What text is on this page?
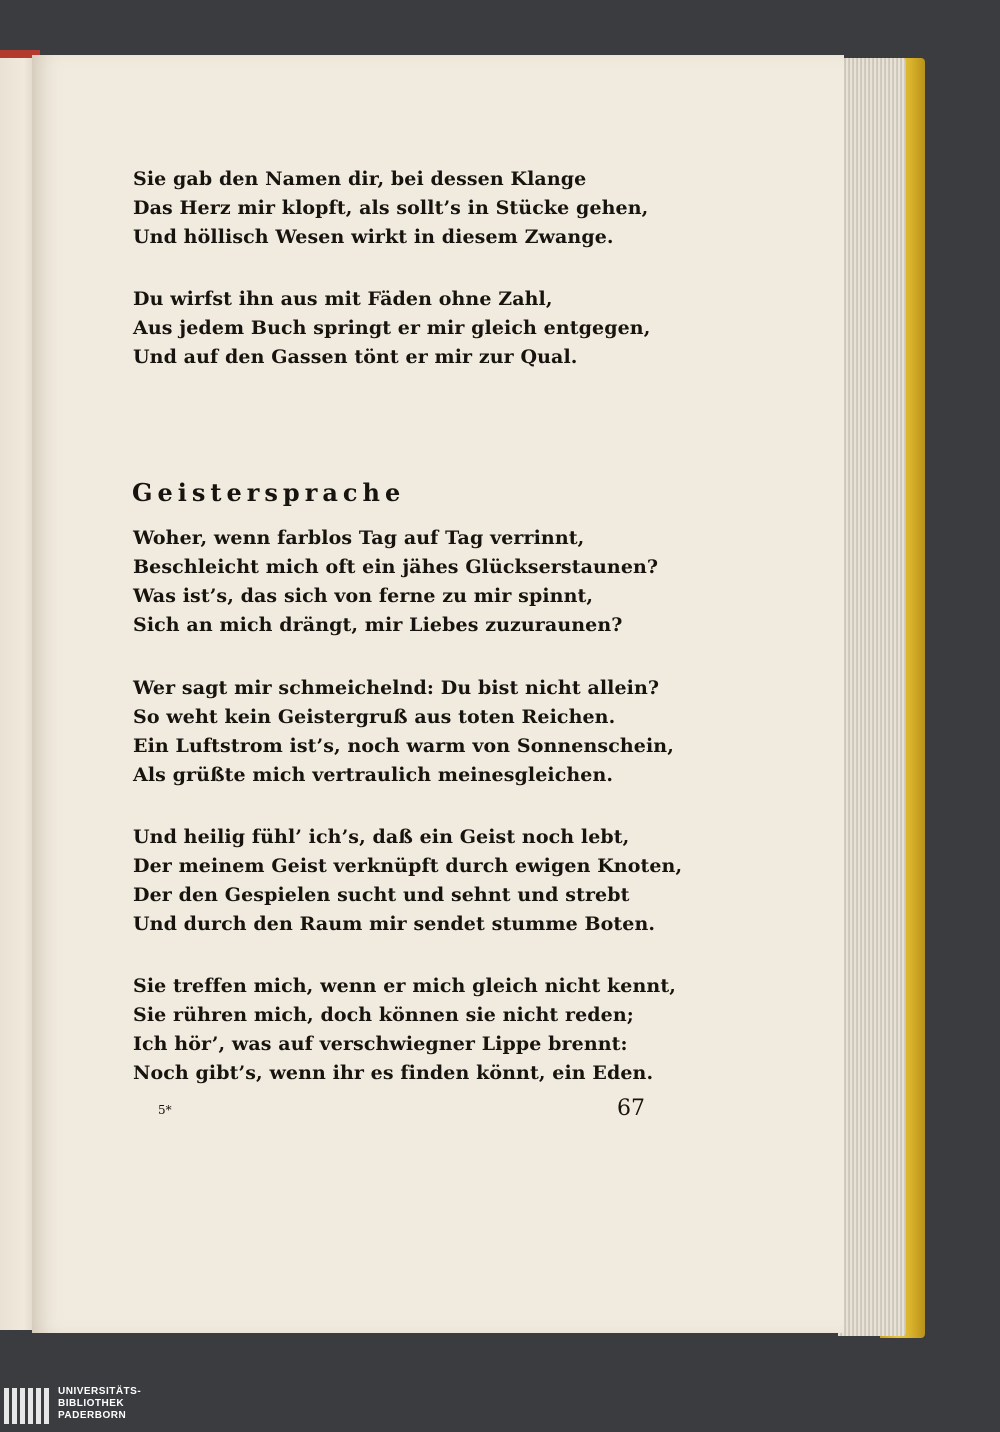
Sie gab den Namen dir, bei dessen Klange
Das Herz mir klopft, als sollt’s in Stücke gehen,
Und höllisch Wesen wirkt in diesem Zwange.
Du wirfst ihn aus mit Fäden ohne Zahl,
Aus jedem Buch springt er mir gleich entgegen,
Und auf den Gassen tönt er mir zur Qual.
Geistersprache
Woher, wenn farblos Tag auf Tag verrinnt,
Beschleicht mich oft ein jähes Glückserstaunen?
Was ist’s, das sich von ferne zu mir spinnt,
Sich an mich drängt, mir Liebes zuzuraunen?
Wer sagt mir schmeichelnd: Du bist nicht allein?
So weht kein Geistergruß aus toten Reichen.
Ein Luftstrom ist’s, noch warm von Sonnenschein,
Als grüßte mich vertraulich meinesgleichen.
Und heilig fühl’ ich’s, daß ein Geist noch lebt,
Der meinem Geist verknüpft durch ewigen Knoten,
Der den Gespielen sucht und sehnt und strebt
Und durch den Raum mir sendet stumme Boten.
Sie treffen mich, wenn er mich gleich nicht kennt,
Sie rühren mich, doch können sie nicht reden;
Ich hör’, was auf verschwiegner Lippe brennt:
Noch gibt’s, wenn ihr es finden könnt, ein Eden.
5*	67
UNIVERSITÄTS-
BIBLIOTHEK
PADERBORN
